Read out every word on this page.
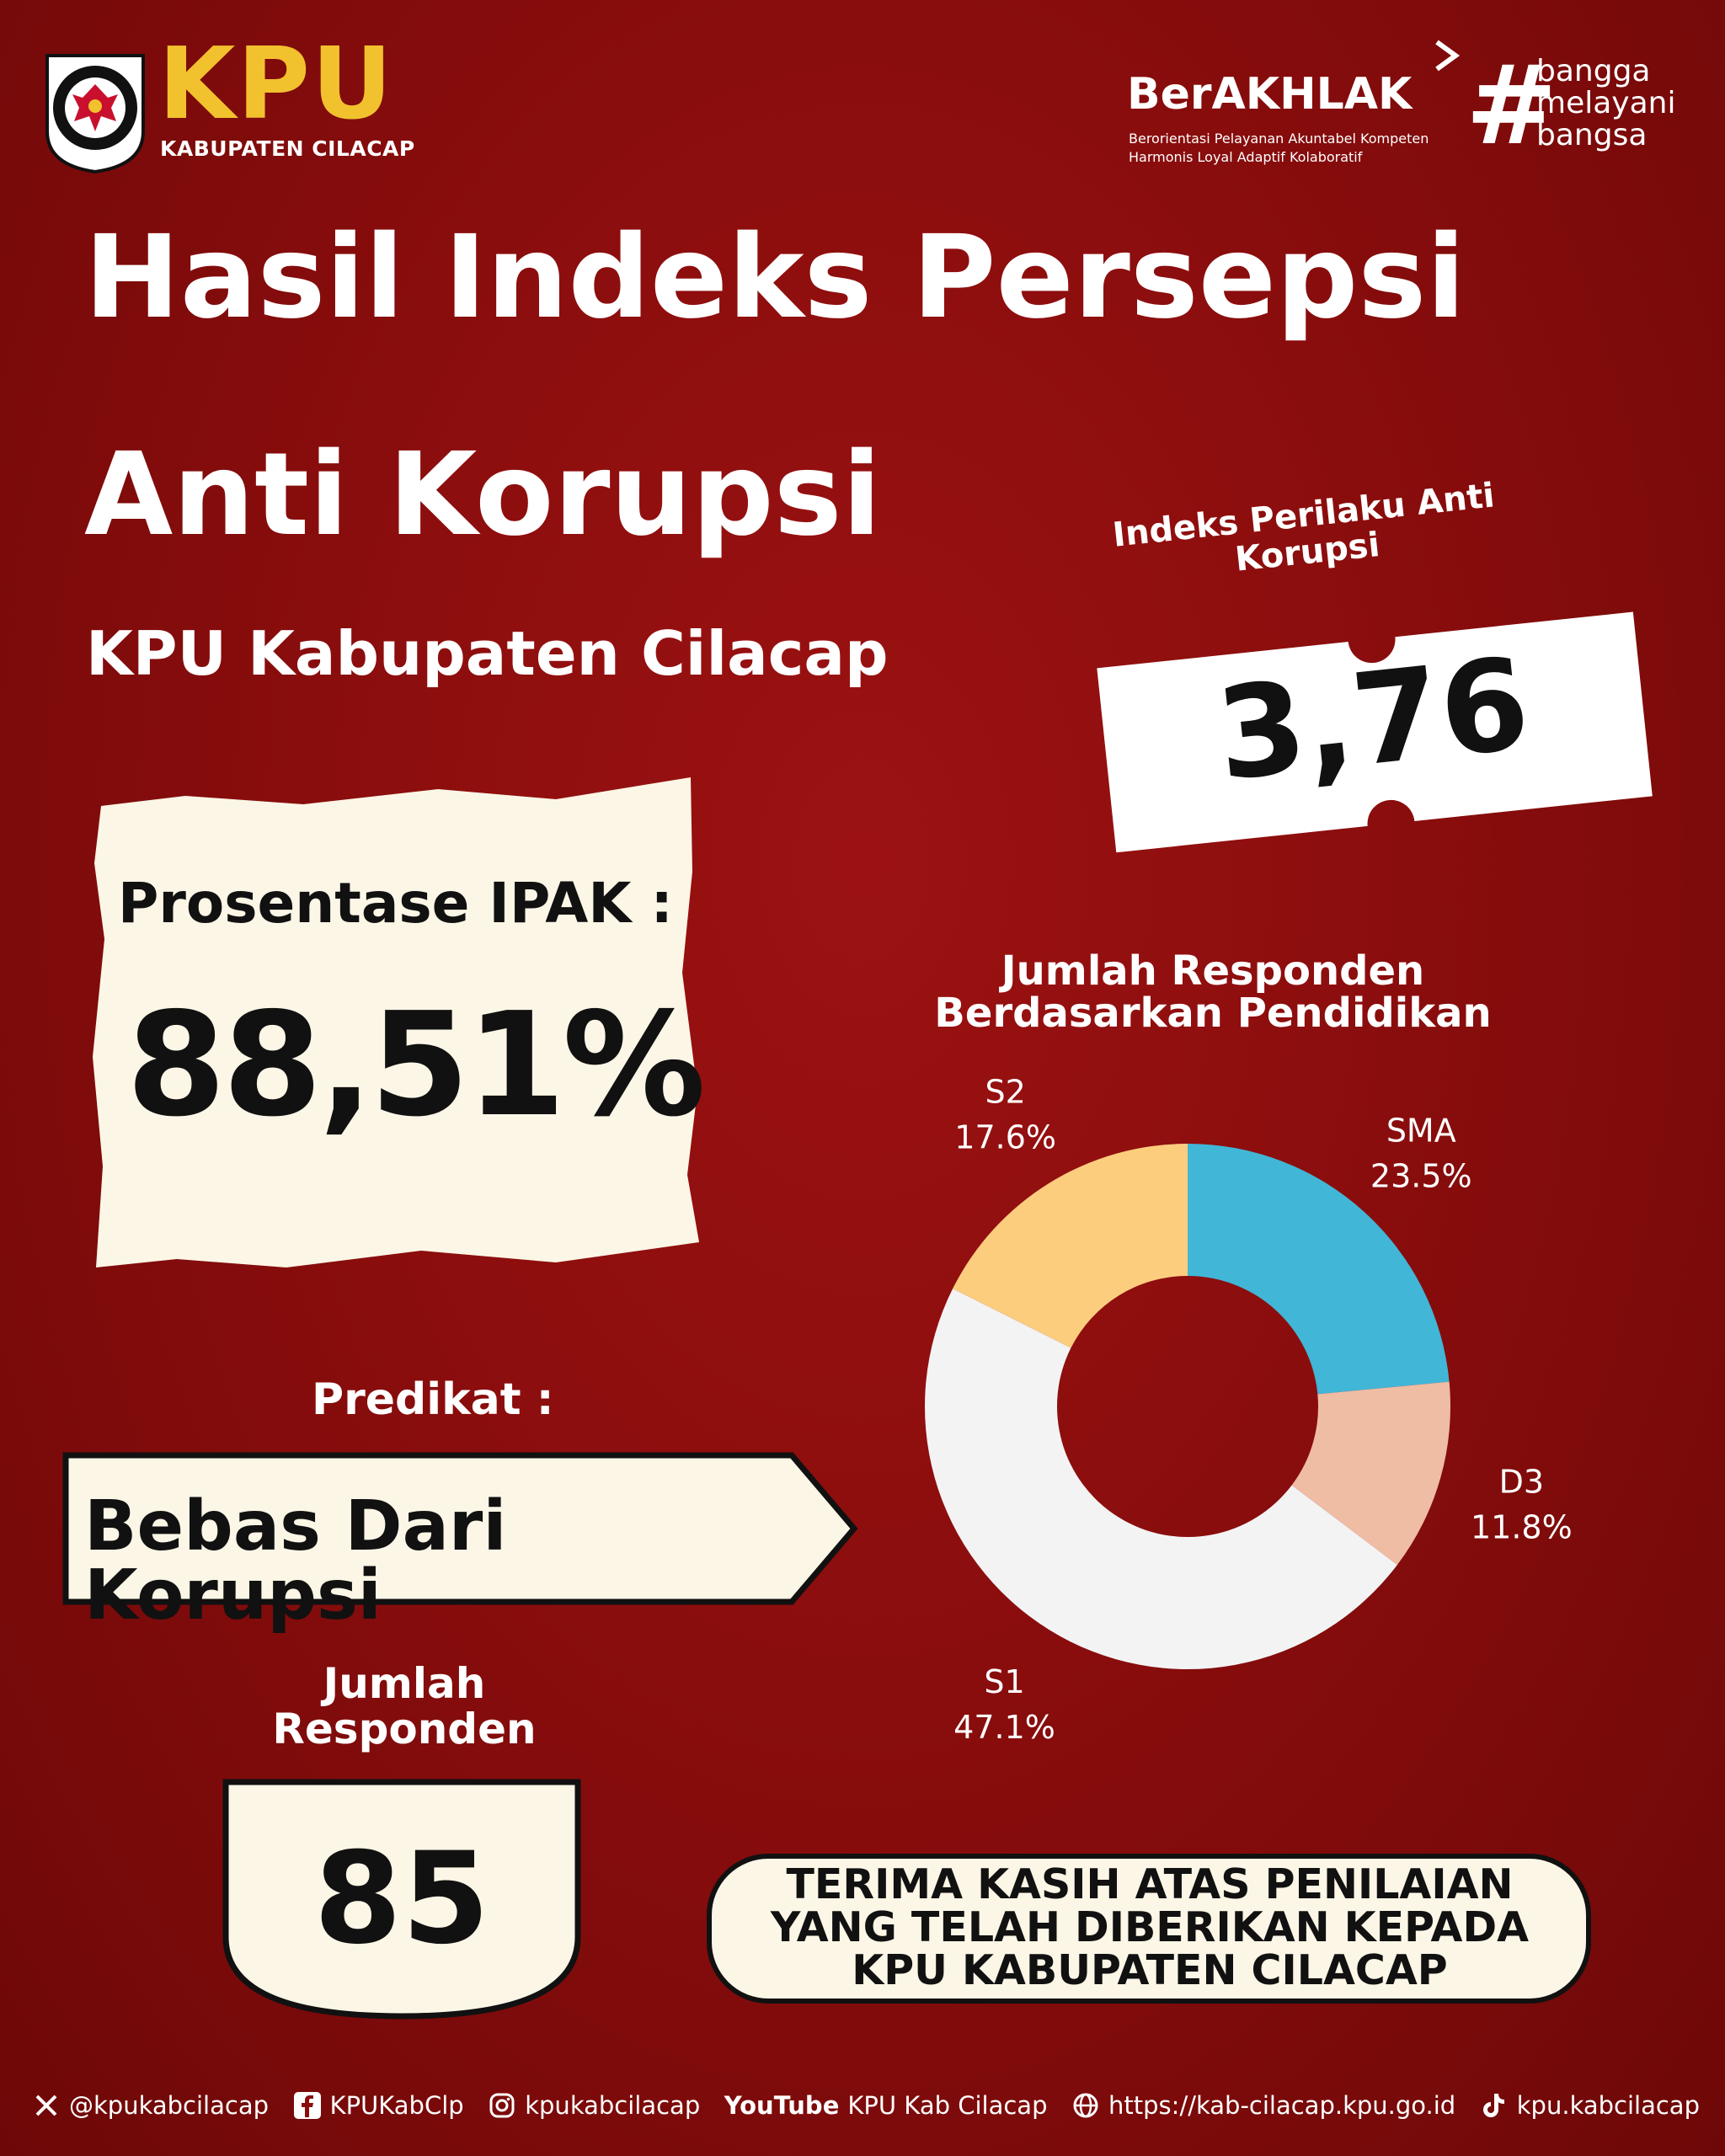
KPU
KABUPATEN CILACAP
BerAKHLAK
Berorientasi Pelayanan Akuntabel Kompeten
Harmonis Loyal Adaptif Kolaboratif #
bangga
melayani
bangsa
Hasil Indeks Persepsi
Anti Korupsi
KPU Kabupaten Cilacap
Prosentase IPAK :
88,51%
Indeks Perilaku Anti Korupsi
3,76
Predikat :
Bebas Dari Korupsi
Jumlah Responden
85
Jumlah Responden Berdasarkan Pendidikan
SMA 23.5%
D3 11.8%
S1 47.1%
S2 17.6%
TERIMA KASIH ATAS PENILAIAN
YANG TELAH DIBERIKAN KEPADA
KPU KABUPATEN CILACAP
@kpukabcilacap	KPUKabClp	kpukabcilacap YouTube KPU Kab Cilacap	https://kab-cilacap.kpu.go.id	kpu.kabcilacap
